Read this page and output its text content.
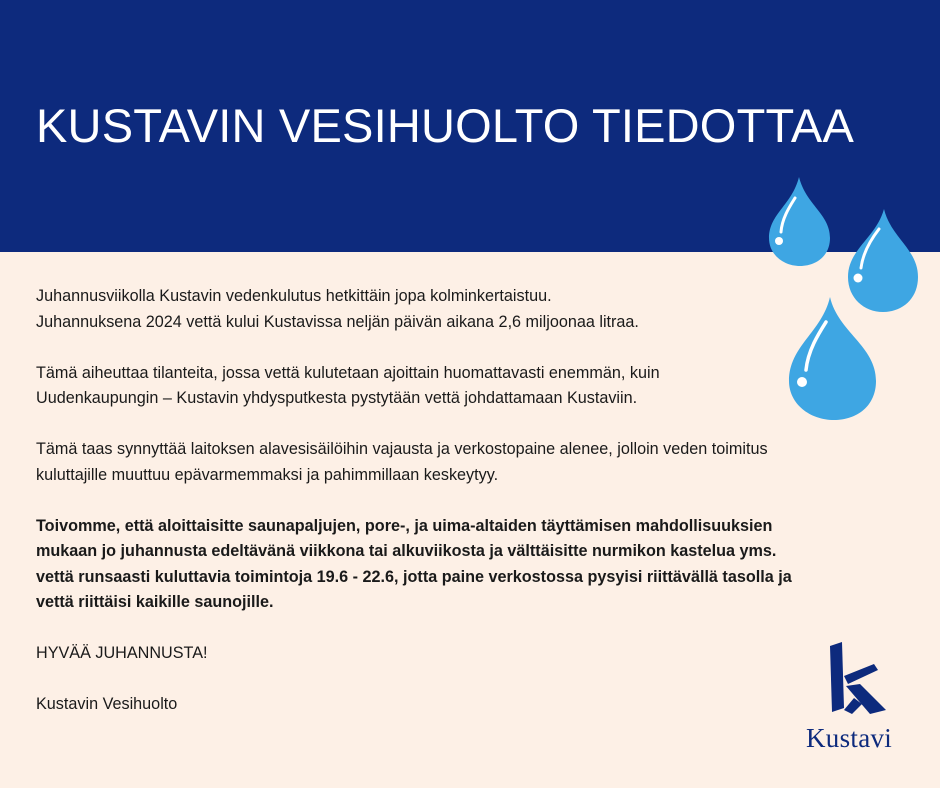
KUSTAVIN VESIHUOLTO TIEDOTTAA

Juhannusviikolla Kustavin vedenkulutus hetkittäin jopa kolminkertaistuu.

Juhannuksena 2024 vettä kului Kustavissa neljän päivän aikana 2,6 miljoonaa litraa.

Tämä aiheuttaa tilanteita, jossa vettä kulutetaan ajoittain huomattavasti enemmän, kuin

Uudenkaupungin – Kustavin yhdysputkesta pystytään vettä johdattamaan Kustaviin.

Tämä taas synnyttää laitoksen alavesisäilöihin vajausta ja verkostopaine alenee, jolloin veden toimitus

kuluttajille muuttuu epävarmemmaksi ja pahimmillaan keskeytyy.

Toivomme, että aloittaisitte saunapaljujen, pore-, ja uima-altaiden täyttämisen mahdollisuuksien

mukaan jo juhannusta edeltävänä viikkona tai alkuviikosta ja välttäisitte nurmikon kastelua yms.

vettä runsaasti kuluttavia toimintoja 19.6 - 22.6, jotta paine verkostossa pysyisi riittävällä tasolla ja

vettä riittäisi kaikille saunojille.

HYVÄÄ JUHANNUSTA!

Kustavin Vesihuolto

Kustavi
